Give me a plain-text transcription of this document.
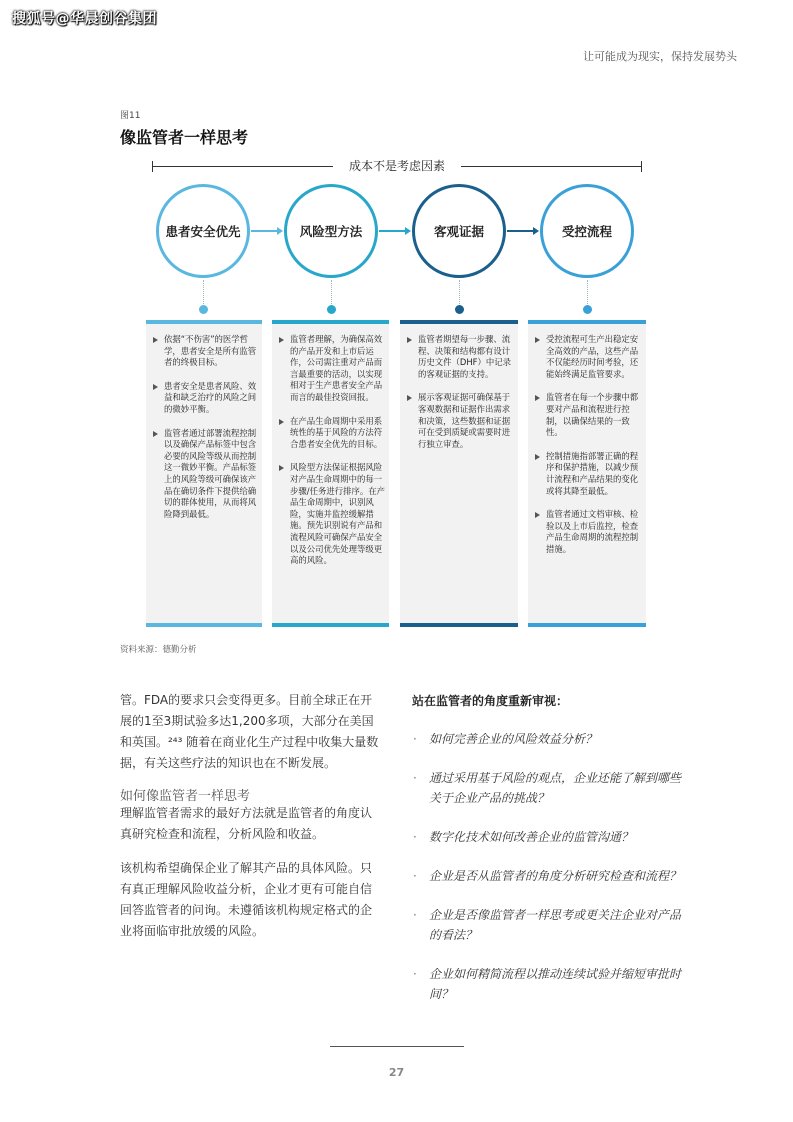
搜狐号@华晨创谷集团
让可能成为现实，保持发展势头
图11
像监管者一样思考
成本不是考虑因素
患者安全优先	风险型方法	客观证据	受控流程
依据“不伤害”的医学哲学，患者安全是所有监管者的终极目标。
患者安全是患者风险、效益和缺乏治疗的风险之间的微妙平衡。
监管者通过部署流程控制以及确保产品标签中包含必要的风险等级从而控制这一微妙平衡。产品标签上的风险等级可确保该产品在确切条件下提供给确切的群体使用，从而将风险降到最低。
监管者理解，为确保高效的产品开发和上市后运作，公司需注重对产品而言最重要的活动，以实现相对于生产患者安全产品而言的最佳投资回报。
在产品生命周期中采用系统性的基于风险的方法符合患者安全优先的目标。
风险型方法保证根据风险对产品生命周期中的每一步骤/任务进行排序。在产品生命周期中，识别风险，实施并监控缓解措施。预先识别说有产品和流程风险可确保产品安全以及公司优先处理等级更高的风险。
监管者期望每一步骤、流程、决策和结构都有设计历史文件（DHF）中记录的客观证据的支持。
展示客观证据可确保基于客观数据和证据作出需求和决策，这些数据和证据可在受到质疑或需要时进行独立审查。
受控流程可生产出稳定安全高效的产品，这些产品不仅能经历时间考验，还能始终满足监管要求。
监管者在每一个步骤中都要对产品和流程进行控制，以确保结果的一致性。
控制措施指部署正确的程序和保护措施，以减少预计流程和产品结果的变化或将其降至最低。
监管者通过文档审核、检验以及上市后监控，检查产品生命周期的流程控制措施。
资料来源：德勤分析
管。FDA的要求只会变得更多。目前全球正在开展的1至3期试验多达1,200多项，大部分在美国和英国。²⁴³ 随着在商业化生产过程中收集大量数据，有关这些疗法的知识也在不断发展。
如何像监管者一样思考
理解监管者需求的最好方法就是监管者的角度认真研究检查和流程，分析风险和收益。
该机构希望确保企业了解其产品的具体风险。只有真正理解风险收益分析，企业才更有可能自信回答监管者的问询。未遵循该机构规定格式的企业将面临审批放缓的风险。
站在监管者的角度重新审视：
· 如何完善企业的风险效益分析？
· 通过采用基于风险的观点，企业还能了解到哪些关于企业产品的挑战？
· 数字化技术如何改善企业的监管沟通？
· 企业是否从监管者的角度分析研究检查和流程？
· 企业是否像监管者一样思考或更关注企业对产品的看法？
· 企业如何精简流程以推动连续试验并缩短审批时间？
27
